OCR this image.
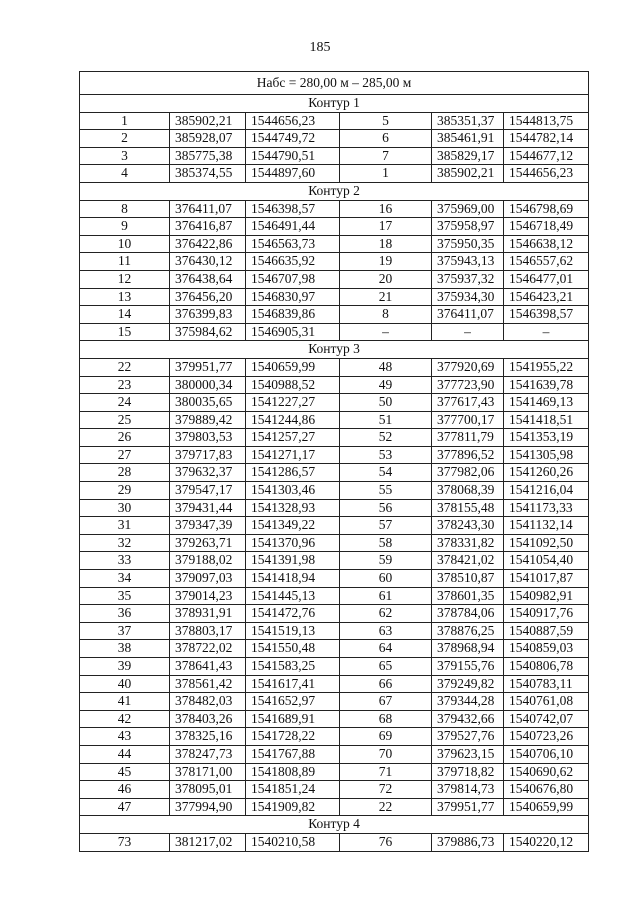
185
Набс = 280,00 м – 285,00 м					
Контур 1					
1	385902,21	1544656,23	5	385351,37	1544813,75
2	385928,07	1544749,72	6	385461,91	1544782,14
3	385775,38	1544790,51	7	385829,17	1544677,12
4	385374,55	1544897,60	1	385902,21	1544656,23
Контур 2					
8	376411,07	1546398,57	16	375969,00	1546798,69
9	376416,87	1546491,44	17	375958,97	1546718,49
10	376422,86	1546563,73	18	375950,35	1546638,12
11	376430,12	1546635,92	19	375943,13	1546557,62
12	376438,64	1546707,98	20	375937,32	1546477,01
13	376456,20	1546830,97	21	375934,30	1546423,21
14	376399,83	1546839,86	8	376411,07	1546398,57
15	375984,62	1546905,31	–	–	–
Контур 3					
22	379951,77	1540659,99	48	377920,69	1541955,22
23	380000,34	1540988,52	49	377723,90	1541639,78
24	380035,65	1541227,27	50	377617,43	1541469,13
25	379889,42	1541244,86	51	377700,17	1541418,51
26	379803,53	1541257,27	52	377811,79	1541353,19
27	379717,83	1541271,17	53	377896,52	1541305,98
28	379632,37	1541286,57	54	377982,06	1541260,26
29	379547,17	1541303,46	55	378068,39	1541216,04
30	379431,44	1541328,93	56	378155,48	1541173,33
31	379347,39	1541349,22	57	378243,30	1541132,14
32	379263,71	1541370,96	58	378331,82	1541092,50
33	379188,02	1541391,98	59	378421,02	1541054,40
34	379097,03	1541418,94	60	378510,87	1541017,87
35	379014,23	1541445,13	61	378601,35	1540982,91
36	378931,91	1541472,76	62	378784,06	1540917,76
37	378803,17	1541519,13	63	378876,25	1540887,59
38	378722,02	1541550,48	64	378968,94	1540859,03
39	378641,43	1541583,25	65	379155,76	1540806,78
40	378561,42	1541617,41	66	379249,82	1540783,11
41	378482,03	1541652,97	67	379344,28	1540761,08
42	378403,26	1541689,91	68	379432,66	1540742,07
43	378325,16	1541728,22	69	379527,76	1540723,26
44	378247,73	1541767,88	70	379623,15	1540706,10
45	378171,00	1541808,89	71	379718,82	1540690,62
46	378095,01	1541851,24	72	379814,73	1540676,80
47	377994,90	1541909,82	22	379951,77	1540659,99
Контур 4					
73	381217,02	1540210,58	76	379886,73	1540220,12
